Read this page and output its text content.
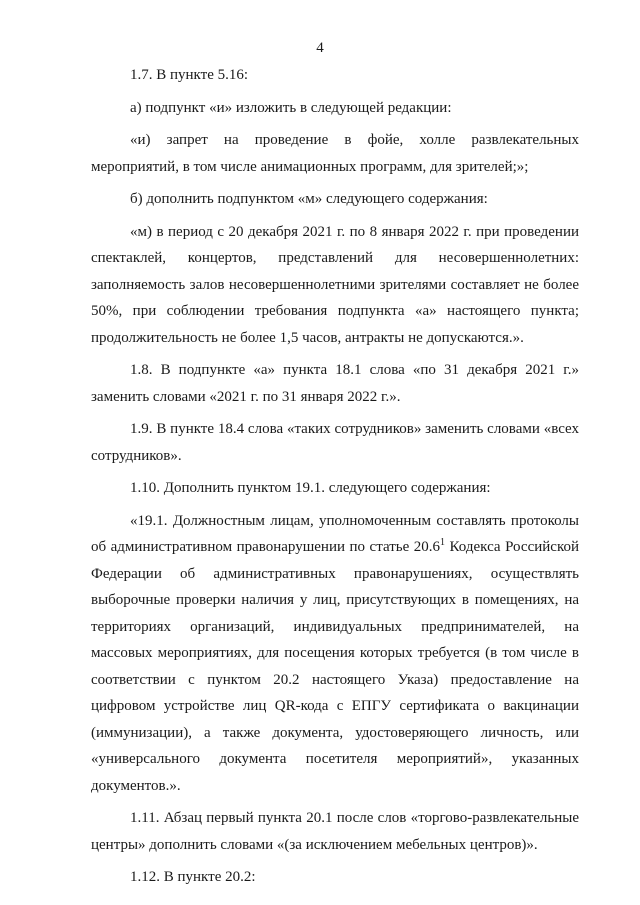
4

1.7. В пункте 5.16:

а) подпункт «и» изложить в следующей редакции:

«и) запрет на проведение в фойе, холле развлекательных мероприятий, в том числе анимационных программ, для зрителей;»;

б) дополнить подпунктом «м» следующего содержания:

«м) в период с 20 декабря 2021 г. по 8 января 2022 г. при проведении спектаклей, концертов, представлений для несовершеннолетних: заполняемость залов несовершеннолетними зрителями составляет не более 50%, при соблюдении требования подпункта «а» настоящего пункта; продолжительность не более 1,5 часов, антракты не допускаются.».

1.8. В подпункте «а» пункта 18.1 слова «по 31 декабря 2021 г.» заменить словами «2021 г. по 31 января 2022 г.».

1.9. В пункте 18.4 слова «таких сотрудников» заменить словами «всех сотрудников».

1.10. Дополнить пунктом 19.1. следующего содержания:

«19.1. Должностным лицам, уполномоченным составлять протоколы об административном правонарушении по статье 20.6$^1$ Кодекса Российской Федерации об административных правонарушениях, осуществлять выборочные проверки наличия у лиц, присутствующих в помещениях, на территориях организаций, индивидуальных предпринимателей, на массовых мероприятиях, для посещения которых требуется (в том числе в соответствии с пунктом 20.2 настоящего Указа) предоставление на цифровом устройстве лиц QR-кода с ЕПГУ сертификата о вакцинации (иммунизации), а также документа, удостоверяющего личность, или «универсального документа посетителя мероприятий», указанных документов.».

1.11. Абзац первый пункта 20.1 после слов «торгово-развлекательные центры» дополнить словами «(за исключением мебельных центров)».

1.12. В пункте 20.2:
